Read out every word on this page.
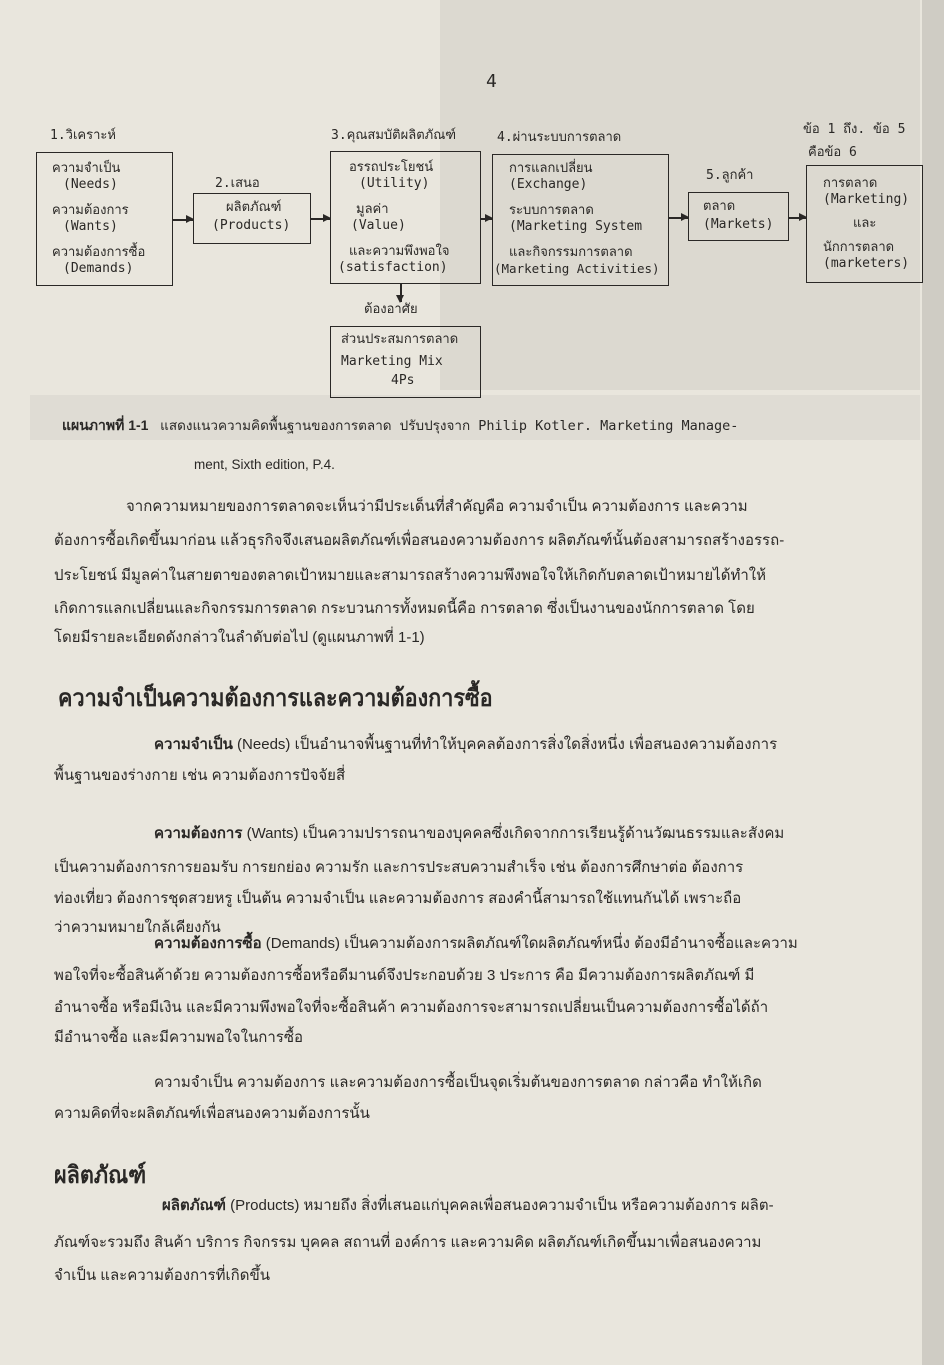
4
1.วิเคราะห์
ความจำเป็น
(Needs)
ความต้องการ
(Wants)
ความต้องการซื้อ
(Demands)
2.เสนอ
ผลิตภัณฑ์
(Products)
3.คุณสมบัติผลิตภัณฑ์
อรรถประโยชน์
(Utility)
มูลค่า
(Value)
และความพึงพอใจ
(satisfaction)
ต้องอาศัย
ส่วนประสมการตลาด
Marketing Mix
4Ps
4.ผ่านระบบการตลาด
การแลกเปลี่ยน
(Exchange)
ระบบการตลาด
(Marketing System
และกิจกรรมการตลาด
(Marketing Activities)
5.ลูกค้า
ตลาด
(Markets)
ข้อ 1 ถึง. ข้อ 5
คือข้อ 6
การตลาด
(Marketing)
และ
นักการตลาด
(marketers)
แผนภาพที่ 1-1 แสดงแนวความคิดพื้นฐานของการตลาด ปรับปรุงจาก Philip Kotler. Marketing Manage-
ment, Sixth edition, P.4.
จากความหมายของการตลาดจะเห็นว่ามีประเด็นที่สำคัญคือ ความจำเป็น ความต้องการ และความ
ต้องการซื้อเกิดขึ้นมาก่อน แล้วธุรกิจจึงเสนอผลิตภัณฑ์เพื่อสนองความต้องการ ผลิตภัณฑ์นั้นต้องสามารถสร้างอรรถ-
ประโยชน์ มีมูลค่าในสายตาของตลาดเป้าหมายและสามารถสร้างความพึงพอใจให้เกิดกับตลาดเป้าหมายได้ทำให้
เกิดการแลกเปลี่ยนและกิจกรรมการตลาด กระบวนการทั้งหมดนี้คือ การตลาด ซึ่งเป็นงานของนักการตลาด โดย
โดยมีรายละเอียดดังกล่าวในลำดับต่อไป (ดูแผนภาพที่ 1-1)
ความจำเป็นความต้องการและความต้องการซื้อ
ความจำเป็น (Needs) เป็นอำนาจพื้นฐานที่ทำให้บุคคลต้องการสิ่งใดสิ่งหนึ่ง เพื่อสนองความต้องการ
พื้นฐานของร่างกาย เช่น ความต้องการปัจจัยสี่
ความต้องการ (Wants) เป็นความปรารถนาของบุคคลซึ่งเกิดจากการเรียนรู้ด้านวัฒนธรรมและสังคม
เป็นความต้องการการยอมรับ การยกย่อง ความรัก และการประสบความสำเร็จ เช่น ต้องการศึกษาต่อ ต้องการ
ท่องเที่ยว ต้องการชุดสวยหรู เป็นต้น ความจำเป็น และความต้องการ สองคำนี้สามารถใช้แทนกันได้ เพราะถือ
ว่าความหมายใกล้เคียงกัน
ความต้องการซื้อ (Demands) เป็นความต้องการผลิตภัณฑ์ใดผลิตภัณฑ์หนึ่ง ต้องมีอำนาจซื้อและความ
พอใจที่จะซื้อสินค้าด้วย ความต้องการซื้อหรือดีมานด์จึงประกอบด้วย 3 ประการ คือ มีความต้องการผลิตภัณฑ์ มี
อำนาจซื้อ หรือมีเงิน และมีความพึงพอใจที่จะซื้อสินค้า ความต้องการจะสามารถเปลี่ยนเป็นความต้องการซื้อได้ถ้า
มีอำนาจซื้อ และมีความพอใจในการซื้อ
ความจำเป็น ความต้องการ และความต้องการซื้อเป็นจุดเริ่มต้นของการตลาด กล่าวคือ ทำให้เกิด
ความคิดที่จะผลิตภัณฑ์เพื่อสนองความต้องการนั้น
ผลิตภัณฑ์
ผลิตภัณฑ์ (Products) หมายถึง สิ่งที่เสนอแก่บุคคลเพื่อสนองความจำเป็น หรือความต้องการ ผลิต-
ภัณฑ์จะรวมถึง สินค้า บริการ กิจกรรม บุคคล สถานที่ องค์การ และความคิด ผลิตภัณฑ์เกิดขึ้นมาเพื่อสนองความ
จำเป็น และความต้องการที่เกิดขึ้น
